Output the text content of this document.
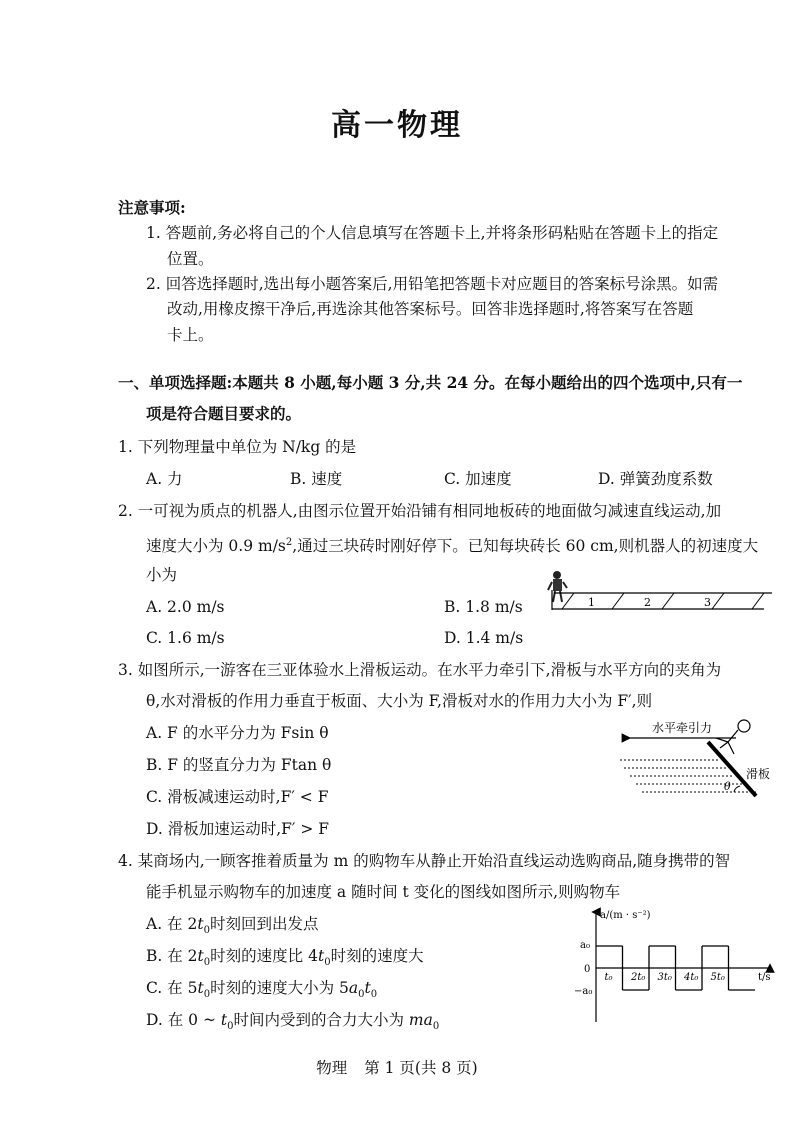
高一物理
注意事项:
1. 答题前,务必将自己的个人信息填写在答题卡上,并将条形码粘贴在答题卡上的指定
位置。
2. 回答选择题时,选出每小题答案后,用铅笔把答题卡对应题目的答案标号涂黑。如需
改动,用橡皮擦干净后,再选涂其他答案标号。回答非选择题时,将答案写在答题
卡上。
一、单项选择题:本题共 8 小题,每小题 3 分,共 24 分。在每小题给出的四个选项中,只有一
项是符合题目要求的。
1. 下列物理量中单位为 N/kg 的是
A. 力	B. 速度	C. 加速度	D. 弹簧劲度系数
2. 一可视为质点的机器人,由图示位置开始沿铺有相同地板砖的地面做匀减速直线运动,加
速度大小为 0.9 $m/s^2$,通过三块砖时刚好停下。已知每块砖长 60 cm,则机器人的初速度大
小为
A. 2.0 m/s	B. 1.8 m/s
C. 1.6 m/s	D. 1.4 m/s
1	2	3
3. 如图所示,一游客在三亚体验水上滑板运动。在水平力牵引下,滑板与水平方向的夹角为
θ,水对滑板的作用力垂直于板面、大小为 F,滑板对水的作用力大小为 F′,则
A. F 的水平分力为 Fsin θ
B. F 的竖直分力为 Ftan θ
C. 滑板减速运动时,F′ < F
D. 滑板加速运动时,F′ > F
水平牵引力
滑板
θ
4. 某商场内,一顾客推着质量为 m 的购物车从静止开始沿直线运动选购商品,随身携带的智
能手机显示购物车的加速度 a 随时间 t 变化的图线如图所示,则购物车
A. 在 $2t_0$时刻回到出发点
B. 在 $2t_0$时刻的速度比 $4t_0$时刻的速度大
C. 在 $5t_0$时刻的速度大小为 $5a_0t_0$
D. 在 0 ~ $t_0$时间内受到的合力大小为 $ma_0$
a/(m · s⁻²)
t/s
a₀
0
−a₀
t₀ 2t₀ 3t₀ 4t₀ 5t₀
物理 第 1 页(共 8 页)
